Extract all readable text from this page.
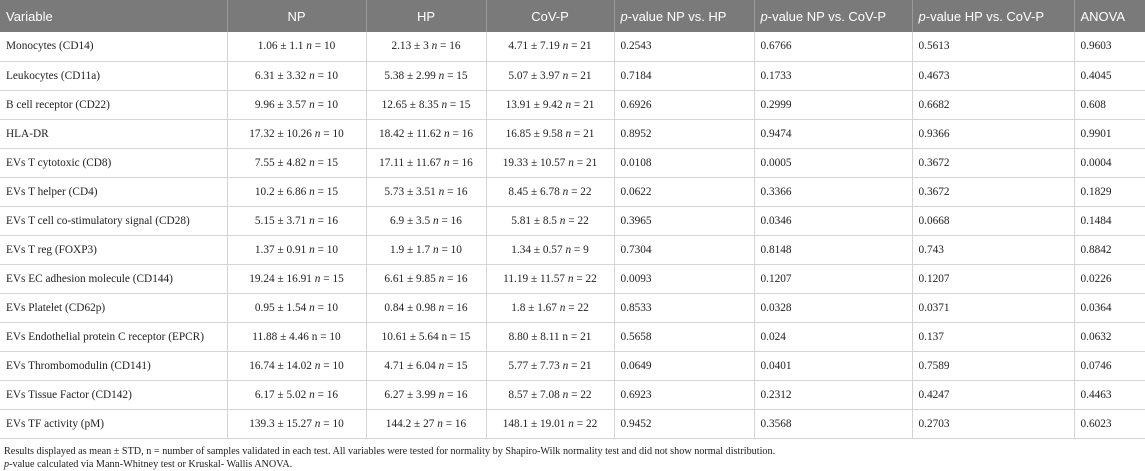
Variable	NP	HP	CoV-P	p-value NP vs. HP	p-value NP vs. CoV-P	p-value HP vs. CoV-P	ANOVA
Monocytes (CD14)	1.06 ± 1.1 n = 10	2.13 ± 3 n = 16	4.71 ± 7.19 n = 21	0.2543	0.6766	0.5613	0.9603
Leukocytes (CD11a)	6.31 ± 3.32 n = 10	5.38 ± 2.99 n = 15	5.07 ± 3.97 n = 21	0.7184	0.1733	0.4673	0.4045
B cell receptor (CD22)	9.96 ± 3.57 n = 10	12.65 ± 8.35 n = 15	13.91 ± 9.42 n = 21	0.6926	0.2999	0.6682	0.608
HLA-DR	17.32 ± 10.26 n = 10	18.42 ± 11.62 n = 16	16.85 ± 9.58 n = 21	0.8952	0.9474	0.9366	0.9901
EVs T cytotoxic (CD8)	7.55 ± 4.82 n = 15	17.11 ± 11.67 n = 16	19.33 ± 10.57 n = 21	0.0108	0.0005	0.3672	0.0004
EVs T helper (CD4)	10.2 ± 6.86 n = 15	5.73 ± 3.51 n = 16	8.45 ± 6.78 n = 22	0.0622	0.3366	0.3672	0.1829
EVs T cell co-stimulatory signal (CD28)	5.15 ± 3.71 n = 16	6.9 ± 3.5 n = 16	5.81 ± 8.5 n = 22	0.3965	0.0346	0.0668	0.1484
EVs T reg (FOXP3)	1.37 ± 0.91 n = 10	1.9 ± 1.7 n = 10	1.34 ± 0.57 n = 9	0.7304	0.8148	0.743	0.8842
EVs EC adhesion molecule (CD144)	19.24 ± 16.91 n = 15	6.61 ± 9.85 n = 16	11.19 ± 11.57 n = 22	0.0093	0.1207	0.1207	0.0226
EVs Platelet (CD62p)	0.95 ± 1.54 n = 10	0.84 ± 0.98 n = 16	1.8 ± 1.67 n = 22	0.8533	0.0328	0.0371	0.0364
EVs Endothelial protein C receptor (EPCR)	11.88 ± 4.46 n = 10	10.61 ± 5.64 n = 15	8.80 ± 8.11 n = 21	0.5658	0.024	0.137	0.0632
EVs Thrombomodulin (CD141)	16.74 ± 14.02 n = 10	4.71 ± 6.04 n = 15	5.77 ± 7.73 n = 21	0.0649	0.0401	0.7589	0.0746
EVs Tissue Factor (CD142)	6.17 ± 5.02 n = 16	6.27 ± 3.99 n = 16	8.57 ± 7.08 n = 22	0.6923	0.2312	0.4247	0.4463
EVs TF activity (pM)	139.3 ± 15.27 n = 10	144.2 ± 27 n = 16	148.1 ± 19.01 n = 22	0.9452	0.3568	0.2703	0.6023
Results displayed as mean ± STD, n = number of samples validated in each test. All variables were tested for normality by Shapiro-Wilk normality test and did not show normal distribution.
p-value calculated via Mann-Whitney test or Kruskal- Wallis ANOVA.
